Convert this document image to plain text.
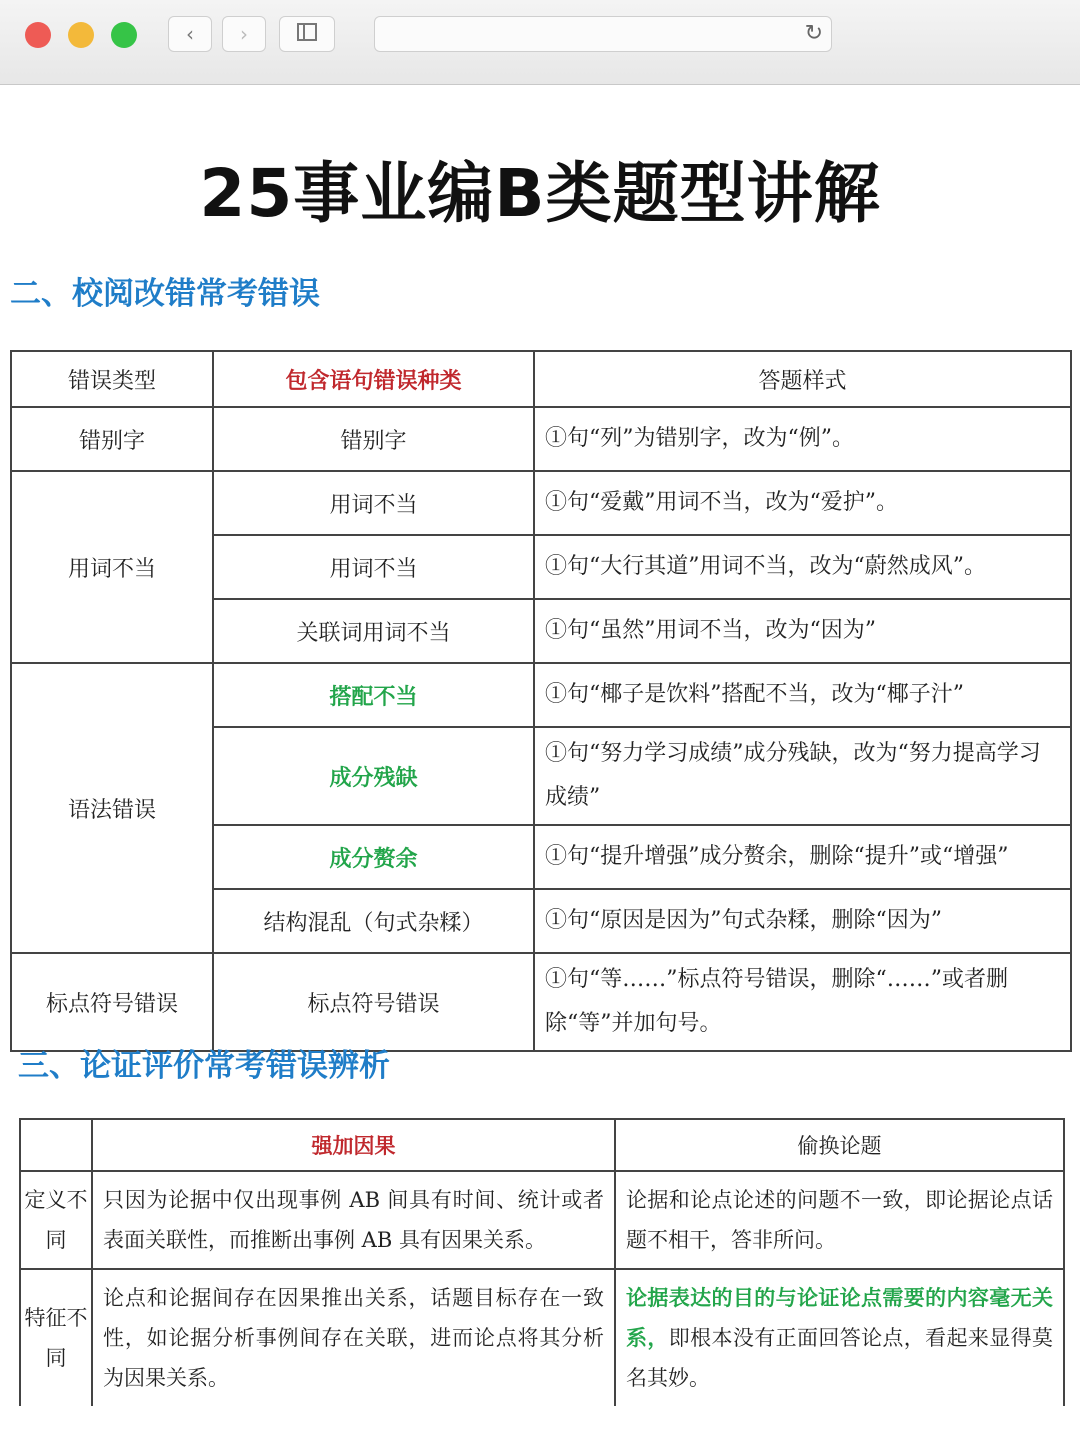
‹ ›	↻
25事业编B类题型讲解
二、校阅改错常考错误
错误类型	包含语句错误种类	答题样式
错别字	错别字	①句“列”为错别字，改为“例”。
用词不当	用词不当	①句“爱戴”用词不当，改为“爱护”。
	用词不当	①句“大行其道”用词不当，改为“蔚然成风”。
	关联词用词不当	①句“虽然”用词不当，改为“因为”
语法错误	搭配不当	①句“椰子是饮料”搭配不当，改为“椰子汁”
	成分残缺	①句“努力学习成绩”成分残缺，改为“努力提高学习成绩”
	成分赘余	①句“提升增强”成分赘余，删除“提升”或“增强”
	结构混乱（句式杂糅）	①句“原因是因为”句式杂糅，删除“因为”
标点符号错误	标点符号错误	①句“等……”标点符号错误，删除“……”或者删除“等”并加句号。
三、论证评价常考错误辨析
	强加因果	偷换论题
定义不同	只因为论据中仅出现事例 AB 间具有时间、统计或者表面关联性，而推断出事例 AB 具有因果关系。	论据和论点论述的问题不一致，即论据论点话题不相干，答非所问。
特征不同	论点和论据间存在因果推出关系，话题目标存在一致性，如论据分析事例间存在关联，进而论点将其分析为因果关系。	论据表达的目的与论证论点需要的内容毫无关系，即根本没有正面回答论点，看起来显得莫名其妙。
